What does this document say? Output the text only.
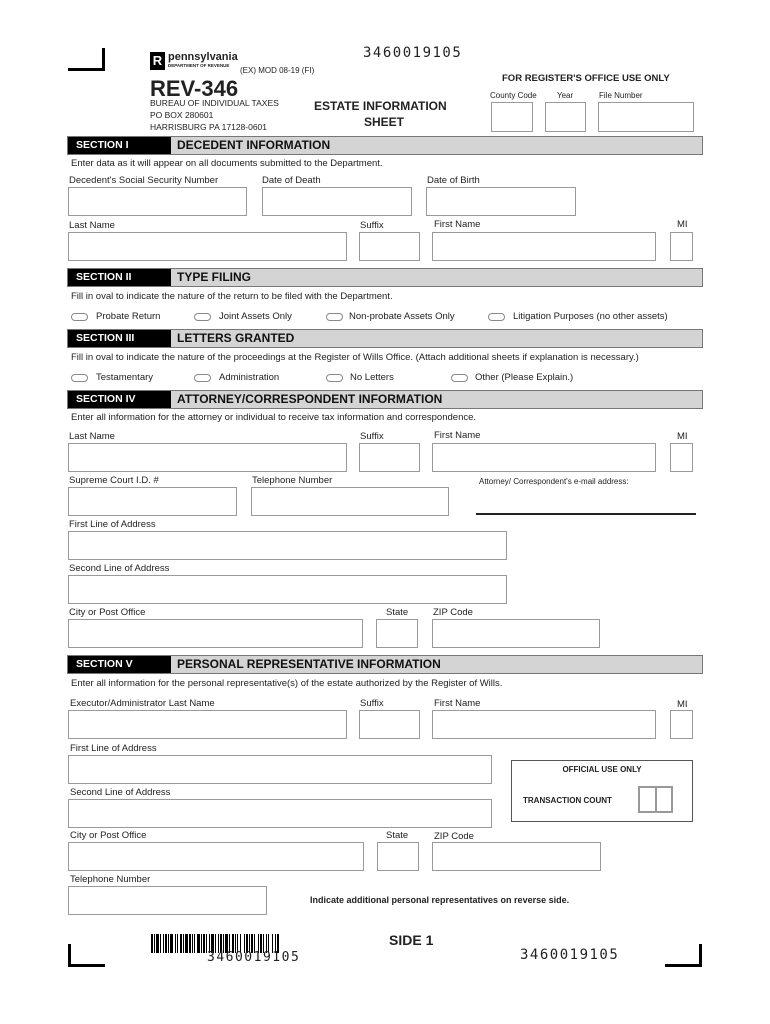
3460019105
R pennsylvania
DEPARTMENT OF REVENUE
(EX) MOD 08-19 (FI)
REV-346
BUREAU OF INDIVIDUAL TAXES
PO BOX 280601
HARRISBURG PA 17128-0601
ESTATE INFORMATION
SHEET
FOR REGISTER'S OFFICE USE ONLY
County Code	Year	File Number
SECTION I	DECEDENT INFORMATION
Enter data as it will appear on all documents submitted to the Department.
Decedent's Social Security Number	Date of Death	Date of Birth
Last Name	Suffix	First Name	MI
SECTION II	TYPE FILING
Fill in oval to indicate the nature of the return to be filed with the Department.
Probate Return	Joint Assets Only	Non-probate Assets Only	Litigation Purposes (no other assets)
SECTION III	LETTERS GRANTED
Fill in oval to indicate the nature of the proceedings at the Register of Wills Office. (Attach additional sheets if explanation is necessary.)
Testamentary	Administration	No Letters	Other (Please Explain.)
SECTION IV	ATTORNEY/CORRESPONDENT INFORMATION
Enter all information for the attorney or individual to receive tax information and correspondence.
Last Name	Suffix	First Name	MI
Supreme Court I.D. #	Telephone Number	Attorney/ Correspondent's e-mail address:
First Line of Address
Second Line of Address
City or Post Office	State	ZIP Code
SECTION V	PERSONAL REPRESENTATIVE INFORMATION
Enter all information for the personal representative(s) of the estate authorized by the Register of Wills.
Executor/Administrator Last Name	Suffix	First Name	MI
First Line of Address
Second Line of Address
City or Post Office	State	ZIP Code
Telephone Number
OFFICIAL USE ONLY
TRANSACTION COUNT
Indicate additional personal representatives on reverse side.
3460019105
SIDE 1
3460019105
